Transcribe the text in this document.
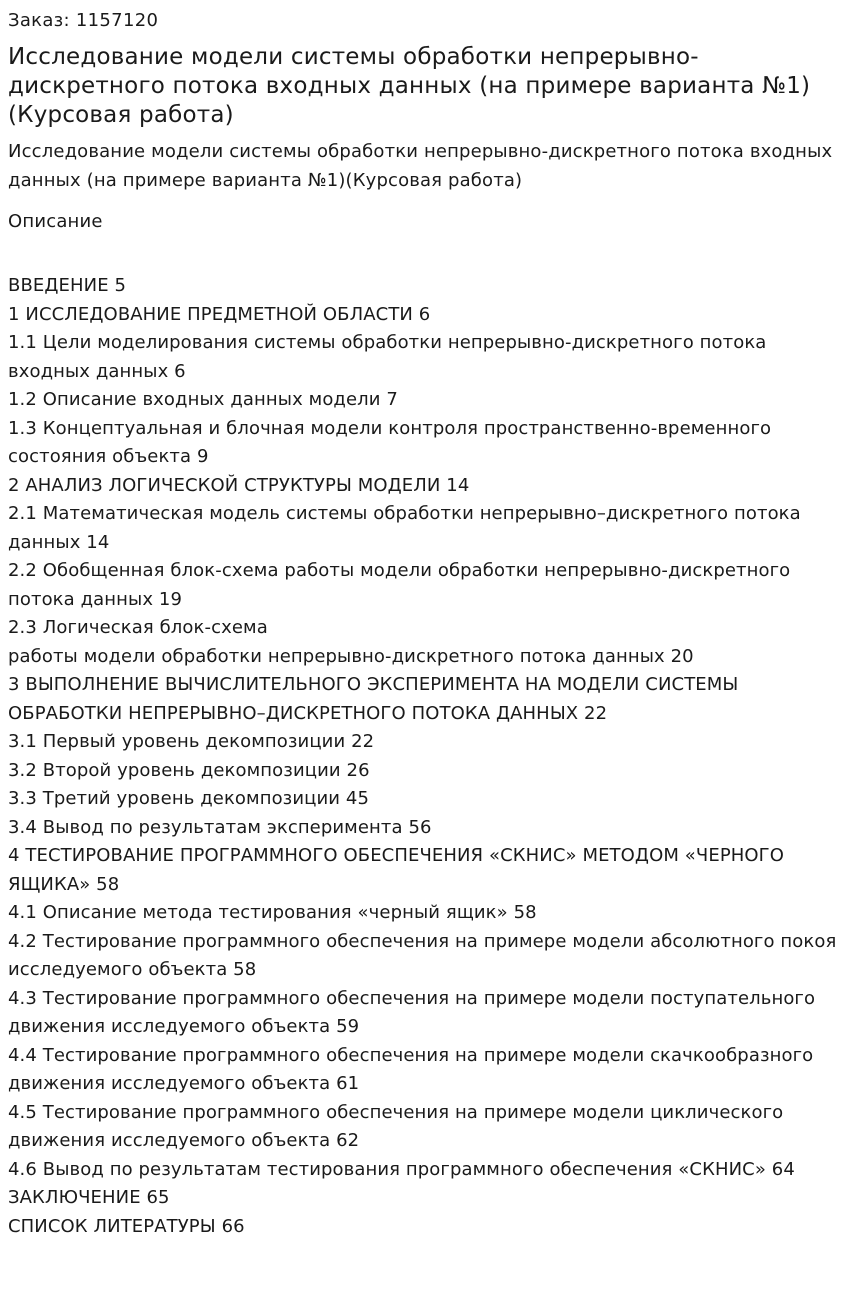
Заказ: 1157120

Исследование модели системы обработки непрерывно-дискретного потока входных данных (на примере варианта №1)(Курсовая работа)

Исследование модели системы обработки непрерывно-дискретного потока входных данных (на примере варианта №1)(Курсовая работа)

Описание

ВВЕДЕНИЕ 5
1 ИССЛЕДОВАНИЕ ПРЕДМЕТНОЙ ОБЛАСТИ 6
1.1 Цели моделирования системы обработки непрерывно-дискретного потока входных данных 6
1.2 Описание входных данных модели 7
1.3 Концептуальная и блочная модели контроля пространственно-временного состояния объекта 9
2 АНАЛИЗ ЛОГИЧЕСКОЙ СТРУКТУРЫ МОДЕЛИ 14
2.1 Математическая модель системы обработки непрерывно–дискретного потока данных 14
2.2 Обобщенная блок-схема работы модели обработки непрерывно-дискретного потока данных 19
2.3 Логическая блок-схема
работы модели обработки непрерывно-дискретного потока данных 20
3 ВЫПОЛНЕНИЕ ВЫЧИСЛИТЕЛЬНОГО ЭКСПЕРИМЕНТА НА МОДЕЛИ СИСТЕМЫ ОБРАБОТКИ НЕПРЕРЫВНО–ДИСКРЕТНОГО ПОТОКА ДАННЫХ 22
3.1 Первый уровень декомпозиции 22
3.2 Второй уровень декомпозиции 26
3.3 Третий уровень декомпозиции 45
3.4 Вывод по результатам эксперимента 56
4 ТЕСТИРОВАНИЕ ПРОГРАММНОГО ОБЕСПЕЧЕНИЯ «СКНИС» МЕТОДОМ «ЧЕРНОГО ЯЩИКА» 58
4.1 Описание метода тестирования «черный ящик» 58
4.2 Тестирование программного обеспечения на примере модели абсолютного покоя исследуемого объекта 58
4.3 Тестирование программного обеспечения на примере модели поступательного движения исследуемого объекта 59
4.4 Тестирование программного обеспечения на примере модели скачкообразного движения исследуемого объекта 61
4.5 Тестирование программного обеспечения на примере модели циклического движения исследуемого объекта 62
4.6 Вывод по результатам тестирования программного обеспечения «СКНИС» 64
ЗАКЛЮЧЕНИЕ 65
СПИСОК ЛИТЕРАТУРЫ 66
